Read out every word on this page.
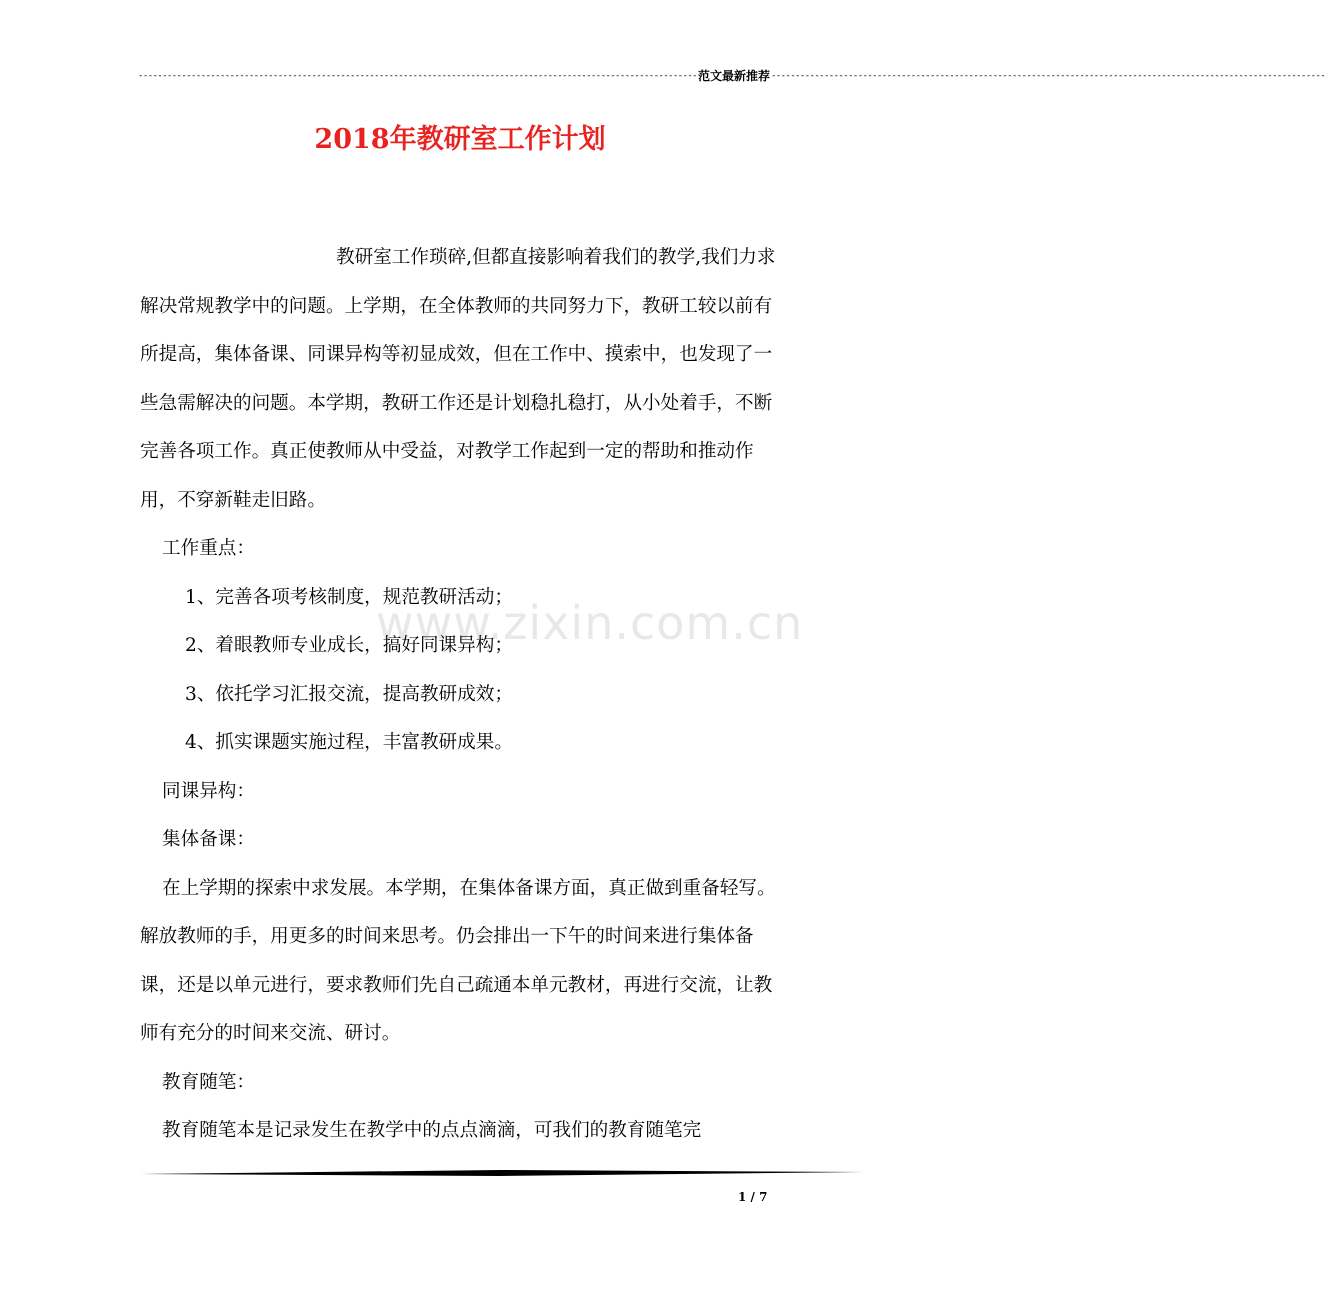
-------------------------------------------------------------------------------------------------------------------- 范文最新推荐 -------------------------------------------------------------------------------------------------------------------
2018年教研室工作计划
www.zixin.com.cn

教研室工作琐碎,但都直接影响着我们的教学,我们力求解决常规教学中的问题。上学期，在全体教师的共同努力下，教研工较以前有所提高，集体备课、同课异构等初显成效，但在工作中、摸索中，也发现了一些急需解决的问题。本学期，教研工作还是计划稳扎稳打，从小处着手，不断完善各项工作。真正使教师从中受益，对教学工作起到一定的帮助和推动作用，不穿新鞋走旧路。

工作重点：

1、完善各项考核制度，规范教研活动；

2、着眼教师专业成长，搞好同课异构；

3、依托学习汇报交流，提高教研成效；

4、抓实课题实施过程，丰富教研成果。

同课异构：

集体备课：

在上学期的探索中求发展。本学期，在集体备课方面，真正做到重备轻写。解放教师的手，用更多的时间来思考。仍会排出一下午的时间来进行集体备课，还是以单元进行，要求教师们先自己疏通本单元教材，再进行交流，让教师有充分的时间来交流、研讨。

教育随笔：

教育随笔本是记录发生在教学中的点点滴滴，可我们的教育随笔完

1 / 7
